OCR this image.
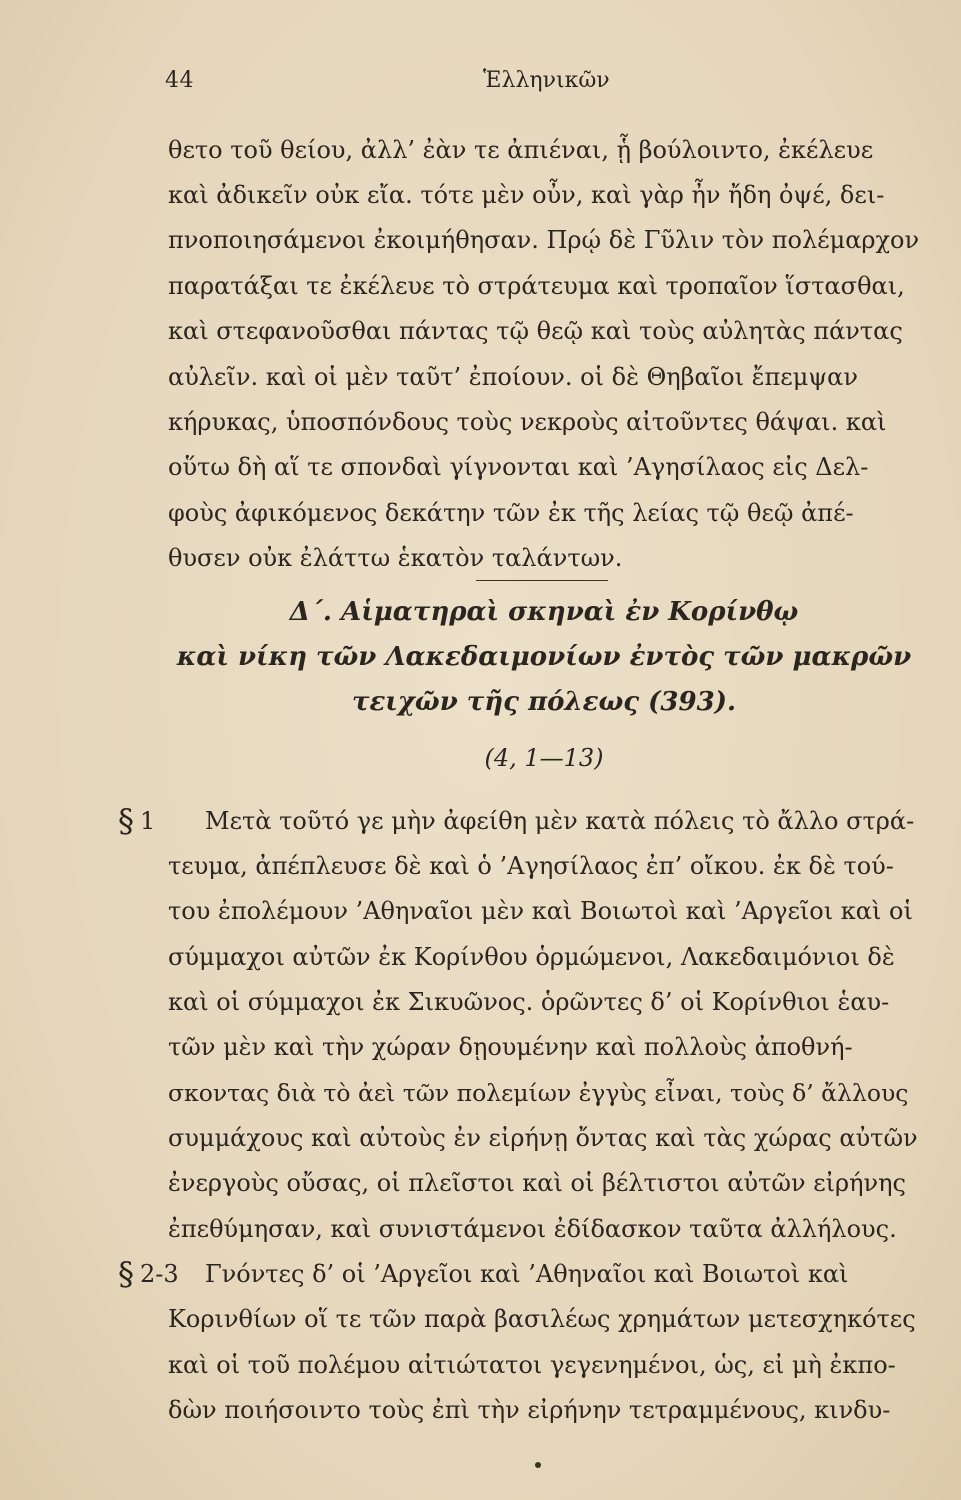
44	Ἑλληνικῶν
θετο τοῦ θείου, ἀλλ’ ἐὰν τε ἀπιέναι, ᾗ βούλοιντο, ἐκέλευε
καὶ ἀδικεῖν οὐκ εἴα. τότε μὲν οὖν, καὶ γὰρ ἦν ἤδη ὀψέ, δει-
πνοποιησάμενοι ἐκοιμήθησαν. Πρῴ δὲ Γῦλιν τὸν πολέμαρχον
παρατάξαι τε ἐκέλευε τὸ στράτευμα καὶ τροπαῖον ἵστασθαι,
καὶ στεφανοῦσθαι πάντας τῷ θεῷ καὶ τοὺς αὐλητὰς πάντας
αὐλεῖν. καὶ οἱ μὲν ταῦτ’ ἐποίουν. οἱ δὲ Θηβαῖοι ἔπεμψαν
κήρυκας, ὑποσπόνδους τοὺς νεκροὺς αἰτοῦντες θάψαι. καὶ
οὕτω δὴ αἵ τε σπονδαὶ γίγνονται καὶ ’Αγησίλαος εἰς Δελ-
φοὺς ἀφικόμενος δεκάτην τῶν ἐκ τῆς λείας τῷ θεῷ ἀπέ-
θυσεν οὐκ ἐλάττω ἑκατὸν ταλάντων.
Δ΄. Αἱματηραὶ σκηναὶ ἐν Κορίνθῳ
καὶ νίκη τῶν Λακεδαιμονίων ἐντὸς τῶν μακρῶν
τειχῶν τῆς πόλεως (393).
(4, 1—13)
§ 1 Μετὰ τοῦτό γε μὴν ἀφείθη μὲν κατὰ πόλεις τὸ ἄλλο στρά-
τευμα, ἀπέπλευσε δὲ καὶ ὁ ’Αγησίλαος ἐπ’ οἴκου. ἐκ δὲ τού-
του ἐπολέμουν ’Αθηναῖοι μὲν καὶ Βοιωτοὶ καὶ ’Αργεῖοι καὶ οἱ
σύμμαχοι αὐτῶν ἐκ Κορίνθου ὁρμώμενοι, Λακεδαιμόνιοι δὲ
καὶ οἱ σύμμαχοι ἐκ Σικυῶνος. ὁρῶντες δ’ οἱ Κορίνθιοι ἑαυ-
τῶν μὲν καὶ τὴν χώραν δῃουμένην καὶ πολλοὺς ἀποθνή-
σκοντας διὰ τὸ ἀεὶ τῶν πολεμίων ἐγγὺς εἶναι, τοὺς δ’ ἄλλους
συμμάχους καὶ αὐτοὺς ἐν εἰρήνῃ ὄντας καὶ τὰς χώρας αὐτῶν
ἐνεργοὺς οὔσας, οἱ πλεῖστοι καὶ οἱ βέλτιστοι αὐτῶν εἰρήνης
ἐπεθύμησαν, καὶ συνιστάμενοι ἐδίδασκον ταῦτα ἀλλήλους.
§ 2-3 Γνόντες δ’ οἱ ’Αργεῖοι καὶ ’Αθηναῖοι καὶ Βοιωτοὶ καὶ
Κορινθίων οἵ τε τῶν παρὰ βασιλέως χρημάτων μετεσχηκότες
καὶ οἱ τοῦ πολέμου αἰτιώτατοι γεγενημένοι, ὡς, εἰ μὴ ἐκπο-
δὼν ποιήσοιντο τοὺς ἐπὶ τὴν εἰρήνην τετραμμένους, κινδυ-
